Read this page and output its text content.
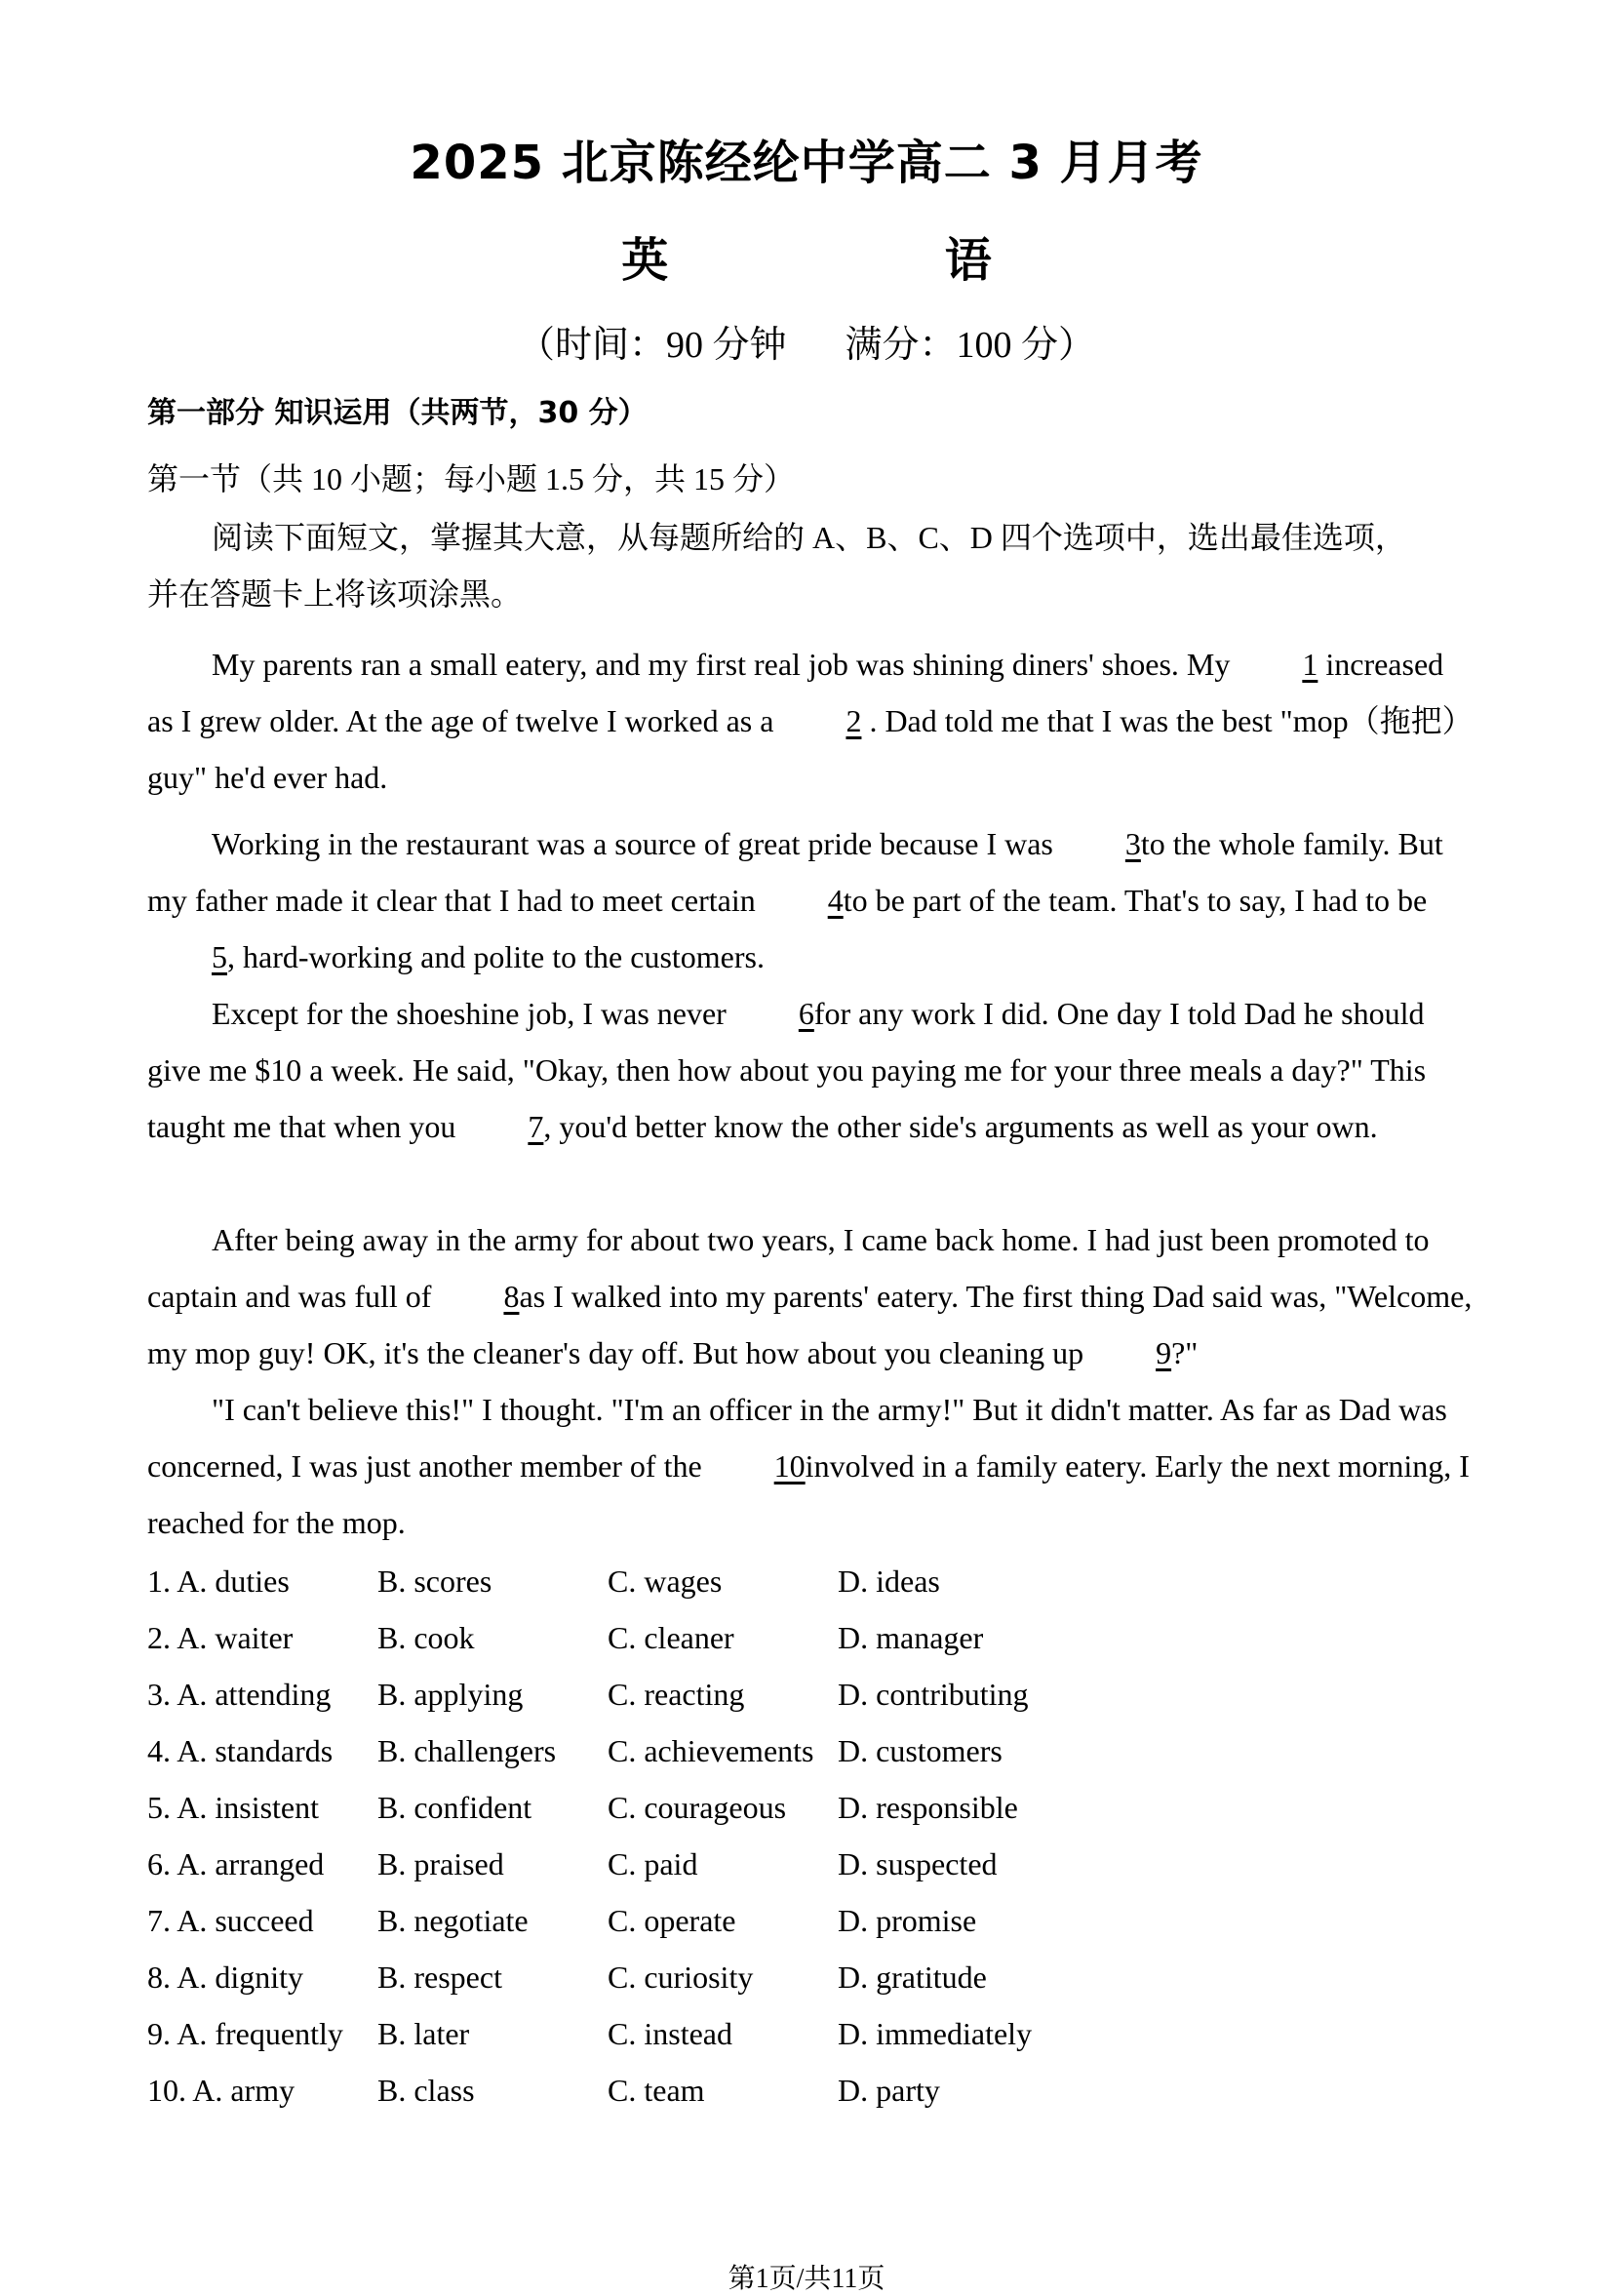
2025 北京陈经纶中学高二 3 月月考
英	语
（时间：90 分钟 满分：100 分）
第一部分 知识运用（共两节，30 分）
第一节（共 10 小题；每小题 1.5 分，共 15 分）
阅读下面短文，掌握其大意，从每题所给的 A、B、C、D 四个选项中，选出最佳选项，
并在答题卡上将该项涂黑。
My parents ran a small eatery, and my first real job was shining diners' shoes. My 1 increased as I grew older. At the age of twelve I worked as a 2 . Dad told me that I was the best "mop（拖把） guy" he'd ever had.
Working in the restaurant was a source of great pride because I was 3to the whole family. But my father made it clear that I had to meet certain 4to be part of the team. That's to say, I had to be 5, hard-working and polite to the customers.
Except for the shoeshine job, I was never 6for any work I did. One day I told Dad he should give me $10 a week. He said, "Okay, then how about you paying me for your three meals a day?" This taught me that when you 7, you'd better know the other side's arguments as well as your own.
After being away in the army for about two years, I came back home. I had just been promoted to captain and was full of 8as I walked into my parents' eatery. The first thing Dad said was, "Welcome, my mop guy! OK, it's the cleaner's day off. But how about you cleaning up 9?"
"I can't believe this!" I thought. "I'm an officer in the army!" But it didn't matter. As far as Dad was concerned, I was just another member of the 10involved in a family eatery. Early the next morning, I reached for the mop.
1. A. duties	B. scores	C. wages	D. ideas
2. A. waiter	B. cook	C. cleaner	D. manager
3. A. attending B. applying	C. reacting	D. contributing
4. A. standards B. challengers C. achievements D. customers
5. A. insistent B. confident C. courageous D. responsible
6. A. arranged B. praised	C. paid	D. suspected
7. A. succeed B. negotiate	C. operate	D. promise
8. A. dignity B. respect	C. curiosity	D. gratitude
9. A. frequently B. later	C. instead	D. immediately
10. A. army	B. class	C. team	D. party
第1页/共11页
